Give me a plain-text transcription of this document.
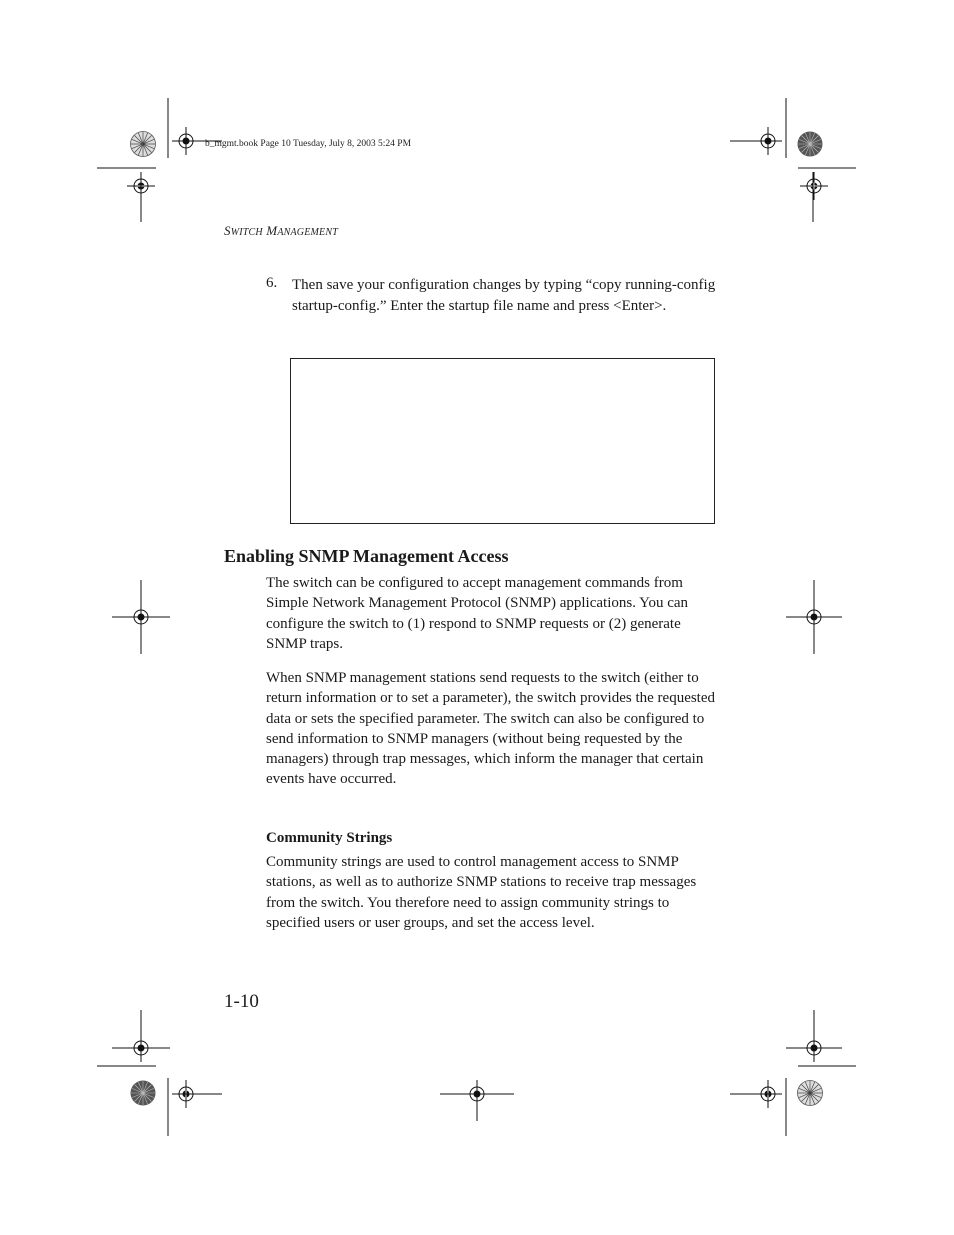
b_mgmt.book Page 10 Tuesday, July 8, 2003 5:24 PM
SWITCH MANAGEMENT
6. Then save your configuration changes by typing “copy running-config startup-config.” Enter the startup file name and press <Enter>.
Enabling SNMP Management Access
The switch can be configured to accept management commands from Simple Network Management Protocol (SNMP) applications. You can configure the switch to (1) respond to SNMP requests or (2) generate SNMP traps.
When SNMP management stations send requests to the switch (either to return information or to set a parameter), the switch provides the requested data or sets the specified parameter. The switch can also be configured to send information to SNMP managers (without being requested by the managers) through trap messages, which inform the manager that certain events have occurred.
Community Strings
Community strings are used to control management access to SNMP stations, as well as to authorize SNMP stations to receive trap messages from the switch. You therefore need to assign community strings to specified users or user groups, and set the access level.
1-10
